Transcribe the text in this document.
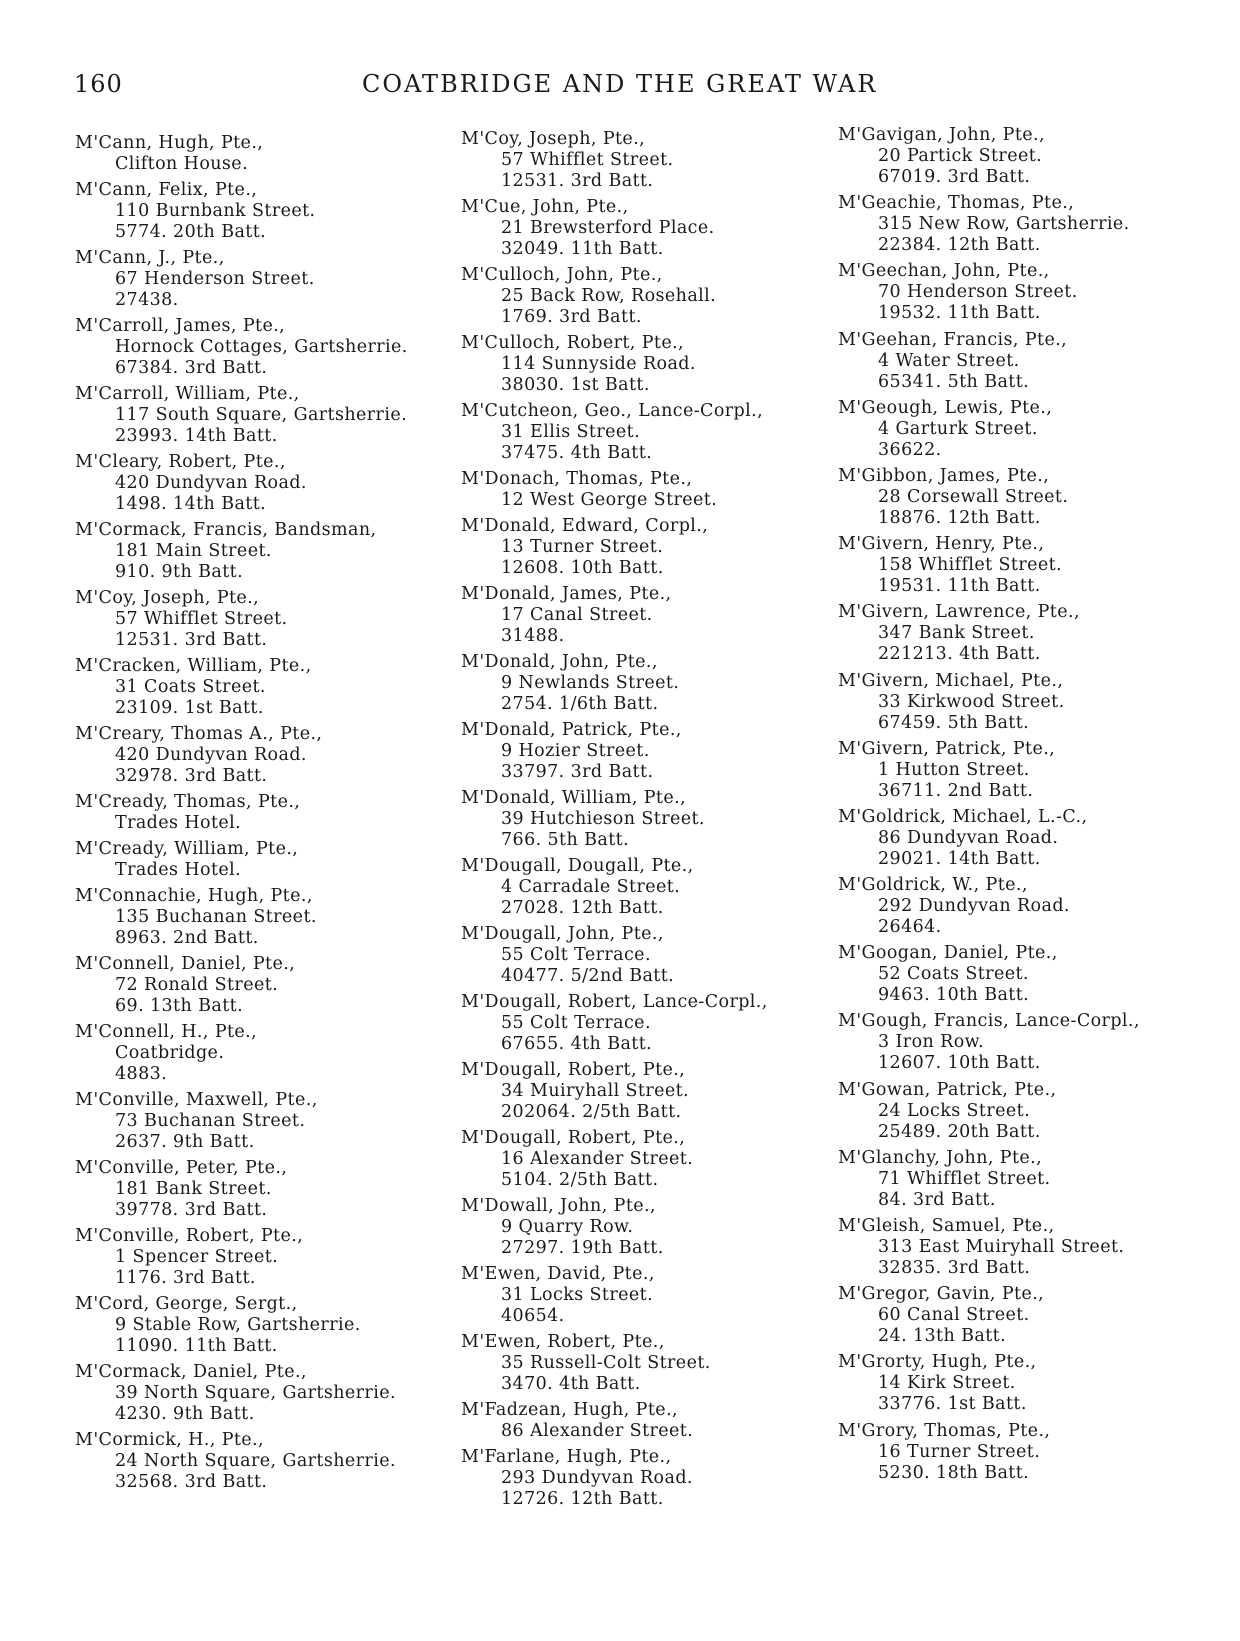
160	COATBRIDGE AND THE GREAT WAR
M'Cann, Hugh, Pte.,
Clifton House.
M'Cann, Felix, Pte.,
110 Burnbank Street.
5774. 20th Batt.
M'Cann, J., Pte.,
67 Henderson Street.
27438.
M'Carroll, James, Pte.,
Hornock Cottages, Gartsherrie.
67384. 3rd Batt.
M'Carroll, William, Pte.,
117 South Square, Gartsherrie.
23993. 14th Batt.
M'Cleary, Robert, Pte.,
420 Dundyvan Road.
1498. 14th Batt.
M'Cormack, Francis, Bandsman,
181 Main Street.
910. 9th Batt.
M'Coy, Joseph, Pte.,
57 Whifflet Street.
12531. 3rd Batt.
M'Cracken, William, Pte.,
31 Coats Street.
23109. 1st Batt.
M'Creary, Thomas A., Pte.,
420 Dundyvan Road.
32978. 3rd Batt.
M'Cready, Thomas, Pte.,
Trades Hotel.
M'Cready, William, Pte.,
Trades Hotel.
M'Connachie, Hugh, Pte.,
135 Buchanan Street.
8963. 2nd Batt.
M'Connell, Daniel, Pte.,
72 Ronald Street.
69. 13th Batt.
M'Connell, H., Pte.,
Coatbridge.
4883.
M'Conville, Maxwell, Pte.,
73 Buchanan Street.
2637. 9th Batt.
M'Conville, Peter, Pte.,
181 Bank Street.
39778. 3rd Batt.
M'Conville, Robert, Pte.,
1 Spencer Street.
1176. 3rd Batt.
M'Cord, George, Sergt.,
9 Stable Row, Gartsherrie.
11090. 11th Batt.
M'Cormack, Daniel, Pte.,
39 North Square, Gartsherrie.
4230. 9th Batt.
M'Cormick, H., Pte.,
24 North Square, Gartsherrie.
32568. 3rd Batt.
M'Coy, Joseph, Pte.,
57 Whifflet Street.
12531. 3rd Batt.
M'Cue, John, Pte.,
21 Brewsterford Place.
32049. 11th Batt.
M'Culloch, John, Pte.,
25 Back Row, Rosehall.
1769. 3rd Batt.
M'Culloch, Robert, Pte.,
114 Sunnyside Road.
38030. 1st Batt.
M'Cutcheon, Geo., Lance-Corpl.,
31 Ellis Street.
37475. 4th Batt.
M'Donach, Thomas, Pte.,
12 West George Street.
M'Donald, Edward, Corpl.,
13 Turner Street.
12608. 10th Batt.
M'Donald, James, Pte.,
17 Canal Street.
31488.
M'Donald, John, Pte.,
9 Newlands Street.
2754. 1/6th Batt.
M'Donald, Patrick, Pte.,
9 Hozier Street.
33797. 3rd Batt.
M'Donald, William, Pte.,
39 Hutchieson Street.
766. 5th Batt.
M'Dougall, Dougall, Pte.,
4 Carradale Street.
27028. 12th Batt.
M'Dougall, John, Pte.,
55 Colt Terrace.
40477. 5/2nd Batt.
M'Dougall, Robert, Lance-Corpl.,
55 Colt Terrace.
67655. 4th Batt.
M'Dougall, Robert, Pte.,
34 Muiryhall Street.
202064. 2/5th Batt.
M'Dougall, Robert, Pte.,
16 Alexander Street.
5104. 2/5th Batt.
M'Dowall, John, Pte.,
9 Quarry Row.
27297. 19th Batt.
M'Ewen, David, Pte.,
31 Locks Street.
40654.
M'Ewen, Robert, Pte.,
35 Russell-Colt Street.
3470. 4th Batt.
M'Fadzean, Hugh, Pte.,
86 Alexander Street.
M'Farlane, Hugh, Pte.,
293 Dundyvan Road.
12726. 12th Batt.
M'Gavigan, John, Pte.,
20 Partick Street.
67019. 3rd Batt.
M'Geachie, Thomas, Pte.,
315 New Row, Gartsherrie.
22384. 12th Batt.
M'Geechan, John, Pte.,
70 Henderson Street.
19532. 11th Batt.
M'Geehan, Francis, Pte.,
4 Water Street.
65341. 5th Batt.
M'Geough, Lewis, Pte.,
4 Garturk Street.
36622.
M'Gibbon, James, Pte.,
28 Corsewall Street.
18876. 12th Batt.
M'Givern, Henry, Pte.,
158 Whifflet Street.
19531. 11th Batt.
M'Givern, Lawrence, Pte.,
347 Bank Street.
221213. 4th Batt.
M'Givern, Michael, Pte.,
33 Kirkwood Street.
67459. 5th Batt.
M'Givern, Patrick, Pte.,
1 Hutton Street.
36711. 2nd Batt.
M'Goldrick, Michael, L.-C.,
86 Dundyvan Road.
29021. 14th Batt.
M'Goldrick, W., Pte.,
292 Dundyvan Road.
26464.
M'Googan, Daniel, Pte.,
52 Coats Street.
9463. 10th Batt.
M'Gough, Francis, Lance-Corpl.,
3 Iron Row.
12607. 10th Batt.
M'Gowan, Patrick, Pte.,
24 Locks Street.
25489. 20th Batt.
M'Glanchy, John, Pte.,
71 Whifflet Street.
84. 3rd Batt.
M'Gleish, Samuel, Pte.,
313 East Muiryhall Street.
32835. 3rd Batt.
M'Gregor, Gavin, Pte.,
60 Canal Street.
24. 13th Batt.
M'Grorty, Hugh, Pte.,
14 Kirk Street.
33776. 1st Batt.
M'Grory, Thomas, Pte.,
16 Turner Street.
5230. 18th Batt.
